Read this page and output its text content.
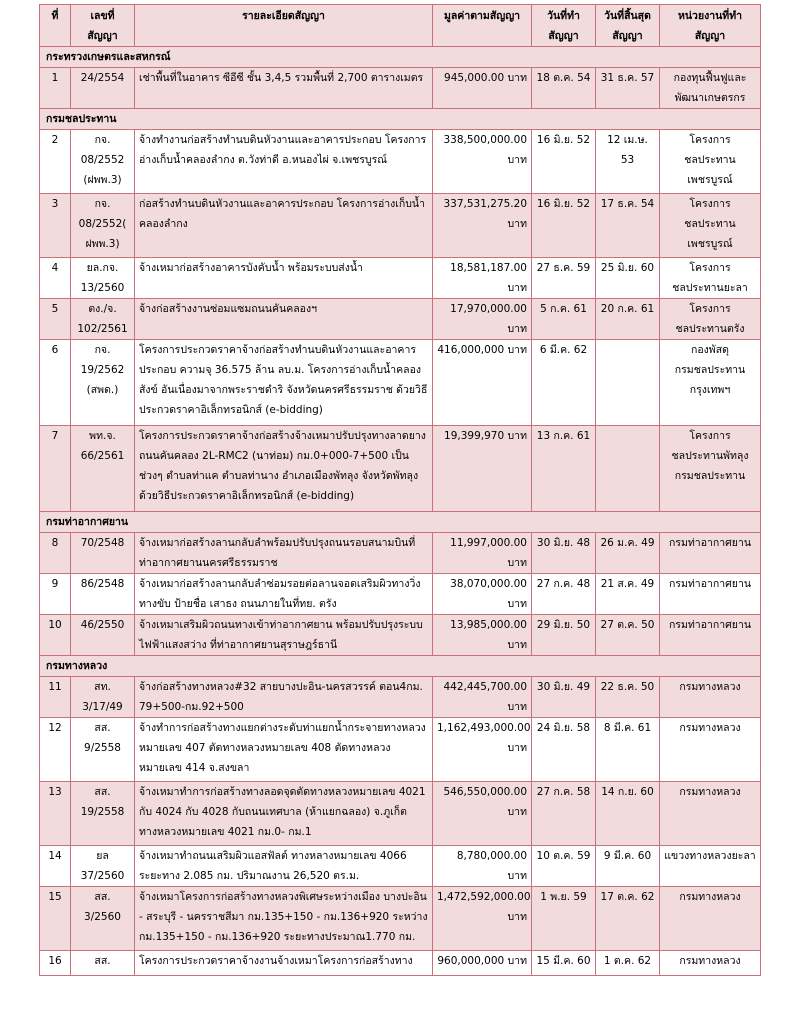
ที่	เลขที่ สัญญา	รายละเอียดสัญญา	มูลค่าตามสัญญา	วันที่ทำ สัญญา	วันที่สิ้นสุด สัญญา	หน่วยงานที่ทำ สัญญา
กระทรวงเกษตรและสหกรณ์						
1	24/2554	เช่าพื้นที่ในอาคาร ซีอีซี ชั้น 3,4,5 รวมพื้นที่ 2,700 ตารางเมตร	945,000.00 บาท	18 ต.ค. 54	31 ธ.ค. 57	กองทุนฟื้นฟูและพัฒนาเกษตรกร
กรมชลประทาน						
2	กจ. 08/2552 (ฝพพ.3)	จ้างทำงานก่อสร้างทำนบดินหัวงานและอาคารประกอบ โครงการอ่างเก็บน้ำคลองลำกง ต.วังท่าดี อ.หนองไผ่ จ.เพชรบูรณ์	338,500,000.00 บาท	16 มิ.ย. 52	12 เม.ษ. 53	โครงการชลประทานเพชรบูรณ์
3	กจ. 08/2552( ฝพพ.3)	ก่อสร้างทำนบดินหัวงานและอาคารประกอบ โครงการอ่างเก็บน้ำคลองลำกง	337,531,275.20 บาท	16 มิ.ย. 52	17 ธ.ค. 54	โครงการชลประทานเพชรบูรณ์
4	ยล.กจ. 13/2560	จ้างเหมาก่อสร้างอาคารบังคับน้ำ พร้อมระบบส่งน้ำ	18,581,187.00 บาท	27 ธ.ค. 59	25 มิ.ย. 60	โครงการชลประทานยะลา
5	ตง./จ. 102/2561	จ้างก่อสร้างงานซ่อมแซมถนนคันคลองฯ	17,970,000.00 บาท	5 ก.ค. 61	20 ก.ค. 61	โครงการชลประทานตรัง
6	กจ. 19/2562 (สพด.)	โครงการประกวดราคาจ้างก่อสร้างทำนบดินหัวงานและอาคารประกอบ ความจุ 36.575 ล้าน ลบ.ม. โครงการอ่างเก็บน้ำคลองสังข์ อันเนื่องมาจากพระราชดำริ จังหวัดนครศรีธรรมราช ด้วยวิธีประกวดราคาอิเล็กทรอนิกส์ (e-bidding)	416,000,000 บาท	6 มี.ค. 62		กองพัสดุ กรมชลประทาน กรุงเทพฯ
7	พท.จ. 66/2561	โครงการประกวดราคาจ้างก่อสร้างจ้างเหมาปรับปรุงทางลาดยางถนนคันคลอง 2L-RMC2 (นาท่อม) กม.0+000-7+500 เป็นช่วงๆ ตำบลท่าแค ตำบลท่านาง อำเภอเมืองพัทลุง จังหวัดพัทลุง ด้วยวิธีประกวดราคาอิเล็กทรอนิกส์ (e-bidding)	19,399,970 บาท	13 ก.ค. 61		โครงการชลประทานพัทลุง กรมชลประทาน
กรมท่าอากาศยาน						
8	70/2548	จ้างเหมาก่อสร้างลานกลับลำพร้อมปรับปรุงถนนรอบสนามบินที่ท่าอากาศยานนครศรีธรรมราช	11,997,000.00 บาท	30 มิ.ย. 48	26 ม.ค. 49	กรมท่าอากาศยาน
9	86/2548	จ้างเหมาก่อสร้างลานกลับลำซ่อมรอยต่อลานจอดเสริมผิวทางวิ่งทางขับ ป้ายชื่อ เสาธง ถนนภายในที่ทย. ตรัง	38,070,000.00 บาท	27 ก.ค. 48	21 ส.ค. 49	กรมท่าอากาศยาน
10	46/2550	จ้างเหมาเสริมผิวถนนทางเข้าท่าอากาศยาน พร้อมปรับปรุงระบบไฟฟ้าแสงสว่าง ที่ท่าอากาศยานสุราษฎร์ธานี	13,985,000.00 บาท	29 มิ.ย. 50	27 ต.ค. 50	กรมท่าอากาศยาน
กรมทางหลวง						
11	สท. 3/17/49	จ้างก่อสร้างทางหลวง#32 สายบางปะอิน-นครสวรรค์ ตอน4กม. 79+500-กม.92+500	442,445,700.00 บาท	30 มิ.ย. 49	22 ธ.ค. 50	กรมทางหลวง
12	สส. 9/2558	จ้างทำการก่อสร้างทางแยกต่างระดับท่าแยกน้ำกระจายทางหลวงหมายเลข 407 ตัดทางหลวงหมายเลข 408 ตัดทางหลวงหมายเลข 414 จ.สงขลา	1,162,493,000.00 บาท	24 มิ.ย. 58	8 มี.ค. 61	กรมทางหลวง
13	สส. 19/2558	จ้างเหมาทำการก่อสร้างทางลอดจุดตัดทางหลวงหมายเลข 4021 กับ 4024 กับ 4028 กับถนนเทศบาล (ห้าแยกฉลอง) จ.ภูเก็ต ทางหลวงหมายเลข 4021 กม.0- กม.1	546,550,000.00 บาท	27 ก.ค. 58	14 ก.ย. 60	กรมทางหลวง
14	ยล 37/2560	จ้างเหมาทำถนนเสริมผิวแอสฟัลต์ ทางหลางหมายเลข 4066 ระยะทาง 2.085 กม. ปริมาณงาน 26,520 ตร.ม.	8,780,000.00 บาท	10 ต.ค. 59	9 มี.ค. 60	แขวงทางหลวงยะลา
15	สส. 3/2560	จ้างเหมาโครงการก่อสร้างทางหลวงพิเศษระหว่างเมือง บางปะอิน - สระบุรี - นครราชสีมา กม.135+150 - กม.136+920 ระหว่าง กม.135+150 - กม.136+920 ระยะทางประมาณ1.770 กม.	1,472,592,000.00 บาท	1 พ.ย. 59	17 ต.ค. 62	กรมทางหลวง
16	สส.	โครงการประกวดราคาจ้างงานจ้างเหมาโครงการก่อสร้างทาง	960,000,000 บาท	15 มี.ค. 60	1 ต.ค. 62	กรมทางหลวง
